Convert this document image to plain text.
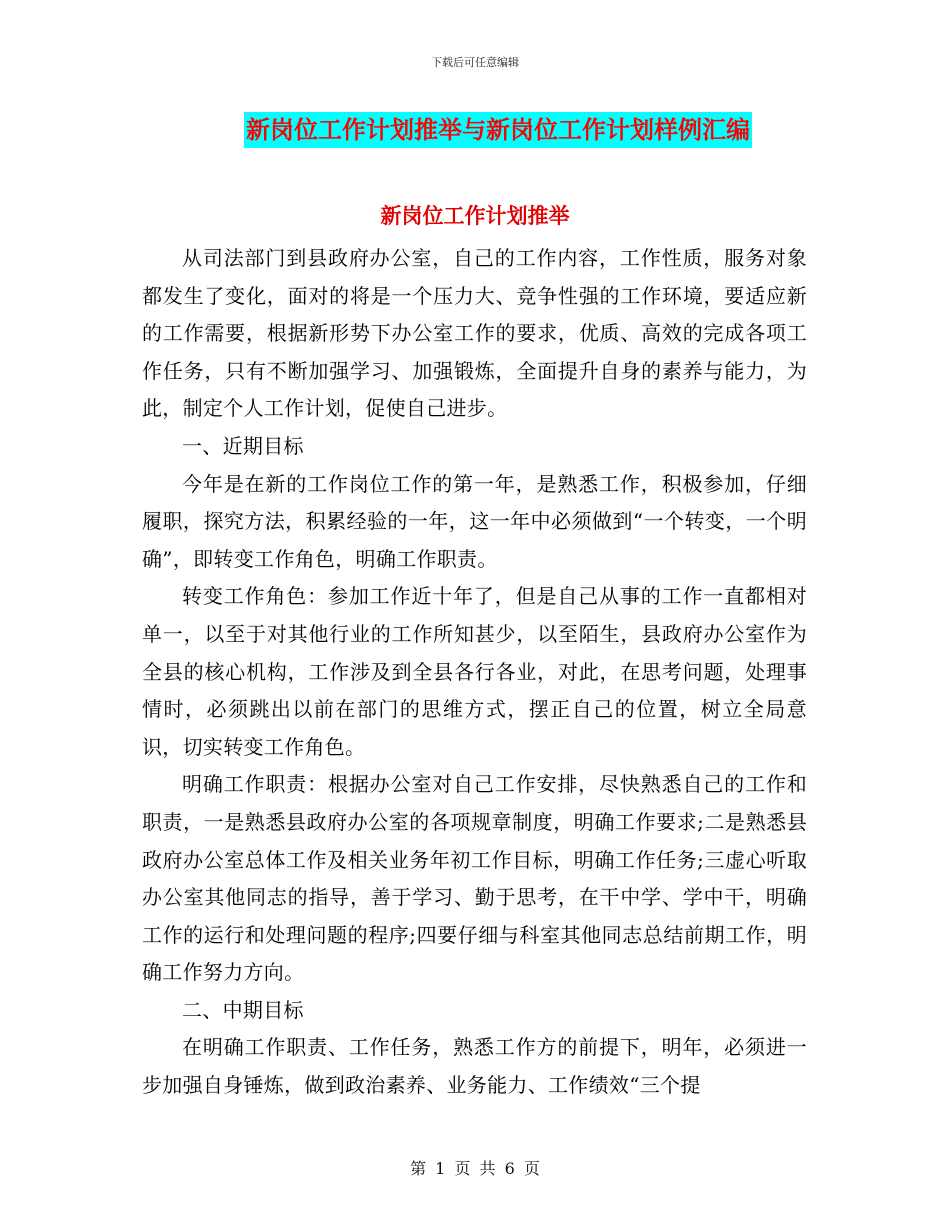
下载后可任意编辑
新岗位工作计划推举与新岗位工作计划样例汇编
新岗位工作计划推举

从司法部门到县政府办公室，自己的工作内容，工作性质，服务对象都发生了变化，面对的将是一个压力大、竞争性强的工作环境，要适应新的工作需要，根据新形势下办公室工作的要求，优质、高效的完成各项工作任务，只有不断加强学习、加强锻炼，全面提升自身的素养与能力，为此，制定个人工作计划，促使自己进步。

一、近期目标

今年是在新的工作岗位工作的第一年，是熟悉工作，积极参加，仔细履职，探究方法，积累经验的一年，这一年中必须做到“一个转变，一个明确”，即转变工作角色，明确工作职责。

转变工作角色：参加工作近十年了，但是自己从事的工作一直都相对单一，以至于对其他行业的工作所知甚少，以至陌生，县政府办公室作为全县的核心机构，工作涉及到全县各行各业，对此，在思考问题，处理事情时，必须跳出以前在部门的思维方式，摆正自己的位置，树立全局意识，切实转变工作角色。

明确工作职责：根据办公室对自己工作安排，尽快熟悉自己的工作和职责，一是熟悉县政府办公室的各项规章制度，明确工作要求;二是熟悉县政府办公室总体工作及相关业务年初工作目标，明确工作任务;三虚心听取办公室其他同志的指导，善于学习、勤于思考，在干中学、学中干，明确工作的运行和处理问题的程序;四要仔细与科室其他同志总结前期工作，明确工作努力方向。

二、中期目标

在明确工作职责、工作任务，熟悉工作方的前提下，明年，必须进一步加强自身锤炼，做到政治素养、业务能力、工作绩效“三个提

第 1 页 共 6 页
